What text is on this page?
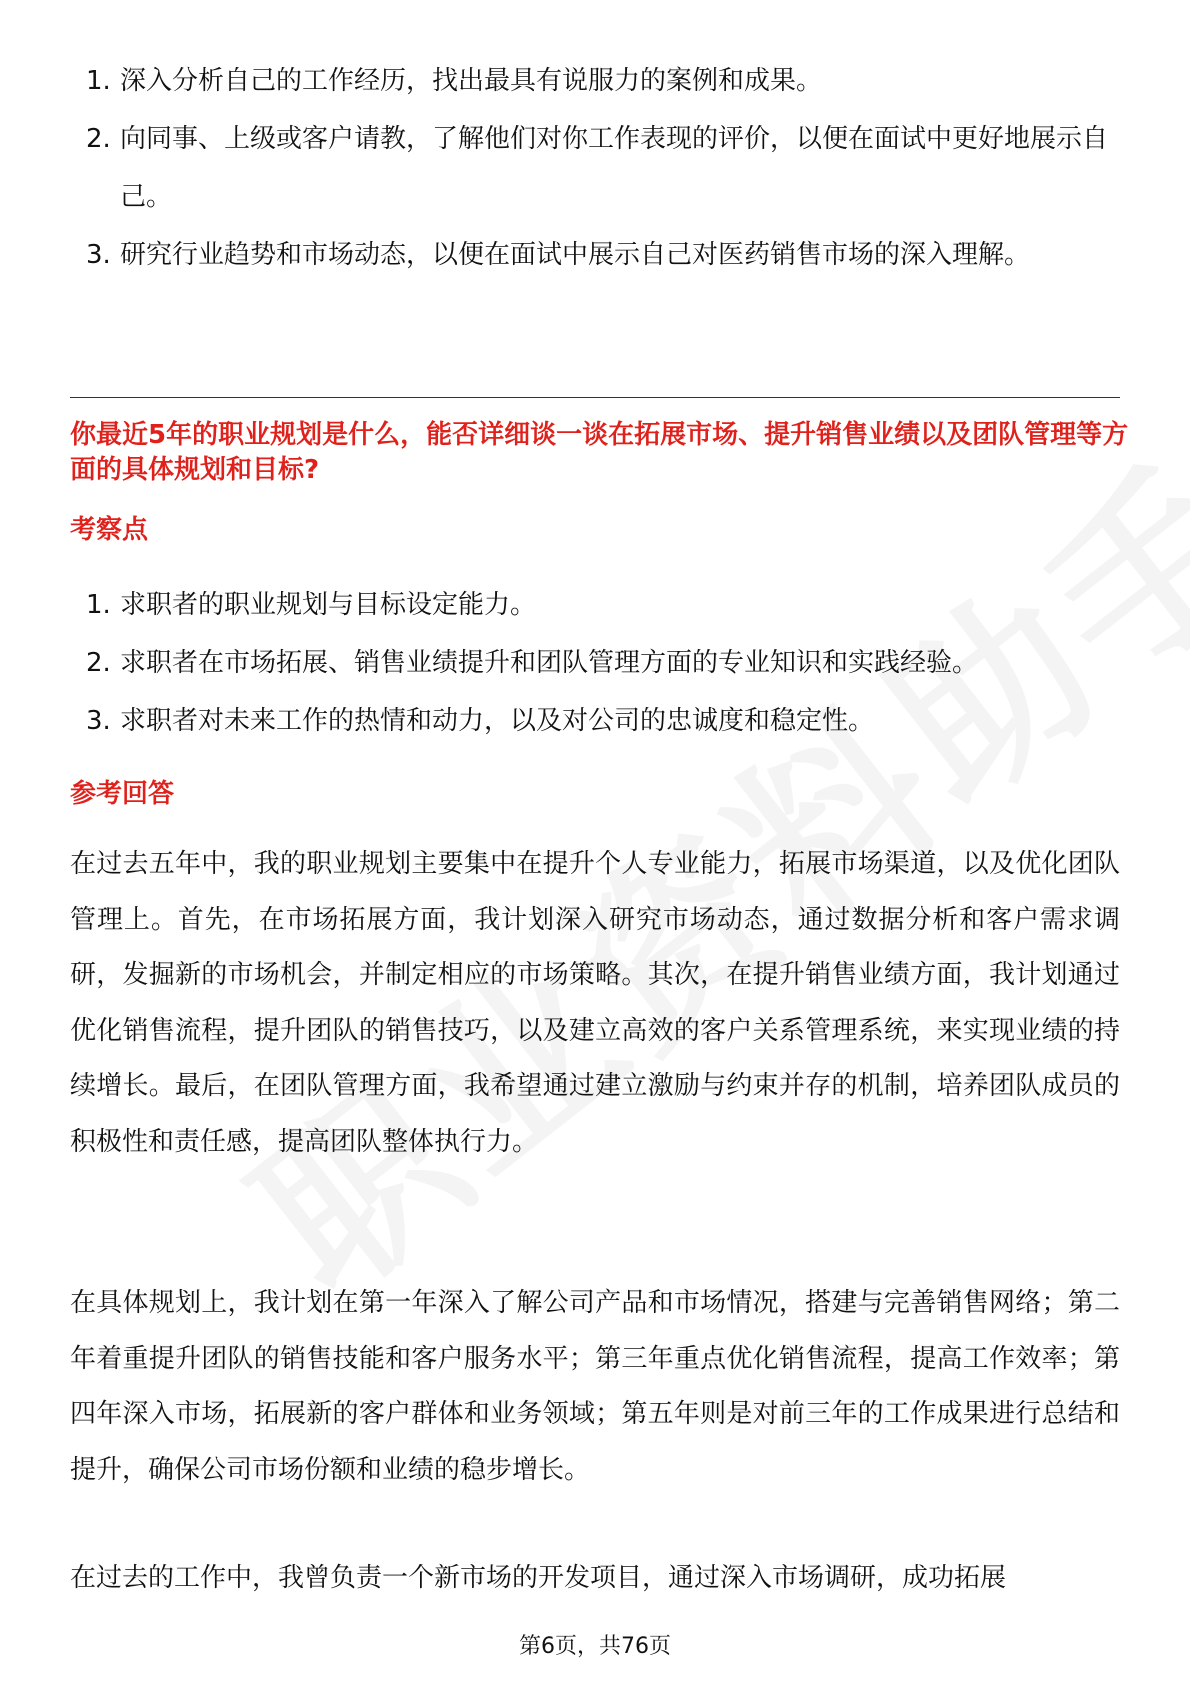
1. 深入分析自己的工作经历，找出最具有说服力的案例和成果。
2. 向同事、上级或客户请教，了解他们对你工作表现的评价，以便在面试中更好地展示自己。
3. 研究行业趋势和市场动态，以便在面试中展示自己对医药销售市场的深入理解。
你最近5年的职业规划是什么，能否详细谈一谈在拓展市场、提升销售业绩以及团队管理等方面的具体规划和目标?
考察点
1. 求职者的职业规划与目标设定能力。
2. 求职者在市场拓展、销售业绩提升和团队管理方面的专业知识和实践经验。
3. 求职者对未来工作的热情和动力，以及对公司的忠诚度和稳定性。
参考回答

在过去五年中，我的职业规划主要集中在提升个人专业能力，拓展市场渠道，以及优化团队管理上。首先，在市场拓展方面，我计划深入研究市场动态，通过数据分析和客户需求调研，发掘新的市场机会，并制定相应的市场策略。其次，在提升销售业绩方面，我计划通过优化销售流程，提升团队的销售技巧，以及建立高效的客户关系管理系统，来实现业绩的持续增长。最后，在团队管理方面，我希望通过建立激励与约束并存的机制，培养团队成员的积极性和责任感，提高团队整体执行力。

在具体规划上，我计划在第一年深入了解公司产品和市场情况，搭建与完善销售网络；第二年着重提升团队的销售技能和客户服务水平；第三年重点优化销售流程，提高工作效率；第四年深入市场，拓展新的客户群体和业务领域；第五年则是对前三年的工作成果进行总结和提升，确保公司市场份额和业绩的稳步增长。

在过去的工作中，我曾负责一个新市场的开发项目，通过深入市场调研，成功拓展

第6页，共76页
